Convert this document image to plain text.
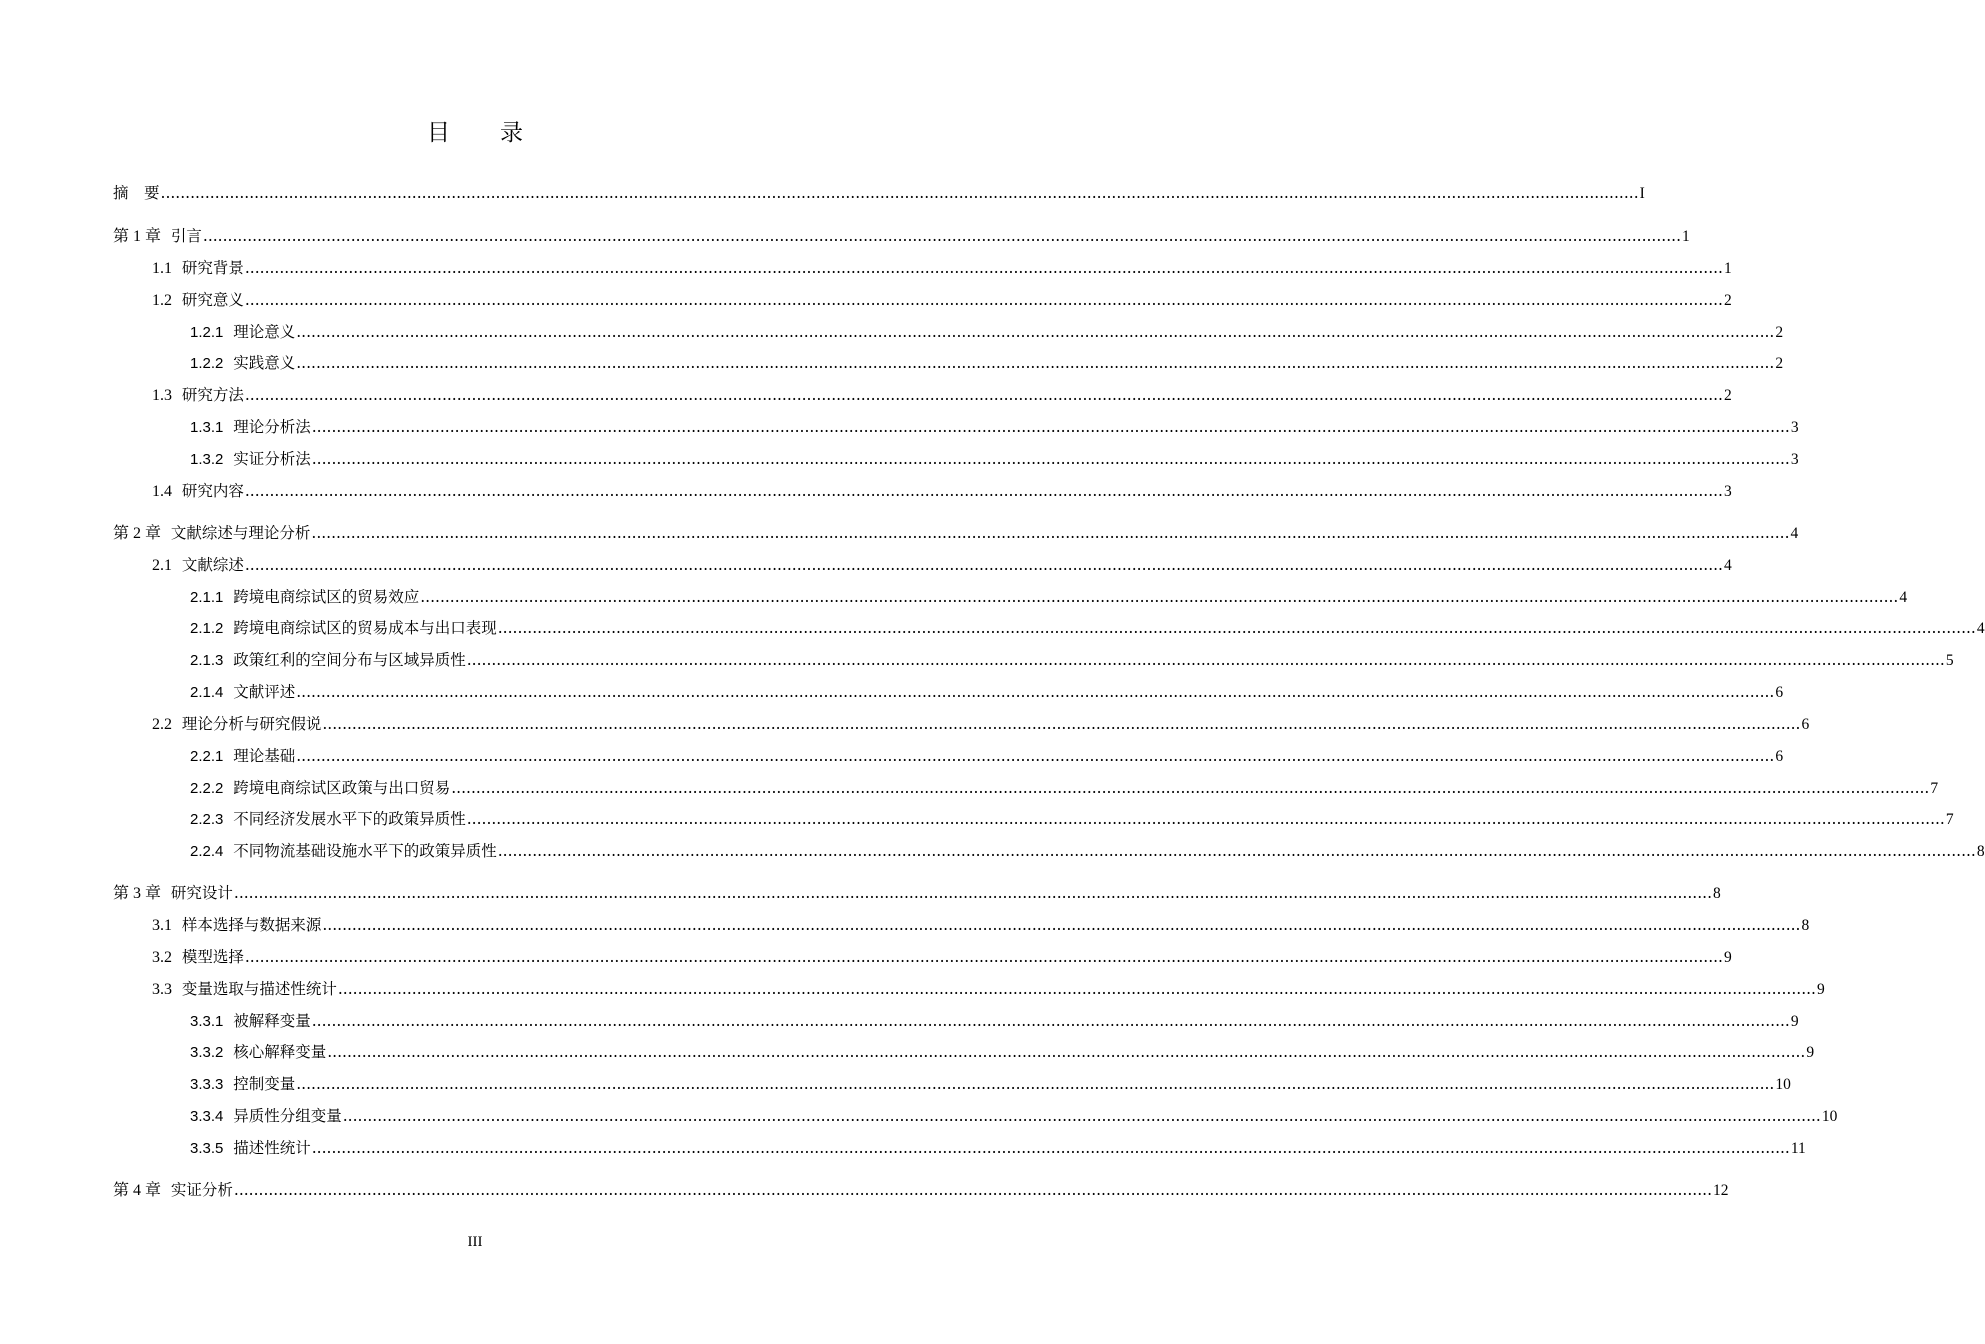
目 录
摘　要 ............................................................................................................................................................................................................................................................................................................ I
第 1 章 引言 ............................................................................................................................................................................................................................................................................................................ 1
1.1 研究背景 ............................................................................................................................................................................................................................................................................................................ 1
1.2 研究意义 ............................................................................................................................................................................................................................................................................................................ 2
1.2.1 理论意义 ............................................................................................................................................................................................................................................................................................................ 2
1.2.2 实践意义 ............................................................................................................................................................................................................................................................................................................ 2
1.3 研究方法 ............................................................................................................................................................................................................................................................................................................ 2
1.3.1 理论分析法 ............................................................................................................................................................................................................................................................................................................ 3
1.3.2 实证分析法 ............................................................................................................................................................................................................................................................................................................ 3
1.4 研究内容 ............................................................................................................................................................................................................................................................................................................ 3
第 2 章 文献综述与理论分析 ............................................................................................................................................................................................................................................................................................................ 4
2.1 文献综述 ............................................................................................................................................................................................................................................................................................................ 4
2.1.1 跨境电商综试区的贸易效应 ............................................................................................................................................................................................................................................................................................................ 4
2.1.2 跨境电商综试区的贸易成本与出口表现 ............................................................................................................................................................................................................................................................................................................ 4
2.1.3 政策红利的空间分布与区域异质性 ............................................................................................................................................................................................................................................................................................................ 5
2.1.4 文献评述 ............................................................................................................................................................................................................................................................................................................ 6
2.2 理论分析与研究假说 ............................................................................................................................................................................................................................................................................................................ 6
2.2.1 理论基础 ............................................................................................................................................................................................................................................................................................................ 6
2.2.2 跨境电商综试区政策与出口贸易 ............................................................................................................................................................................................................................................................................................................ 7
2.2.3 不同经济发展水平下的政策异质性 ............................................................................................................................................................................................................................................................................................................ 7
2.2.4 不同物流基础设施水平下的政策异质性 ............................................................................................................................................................................................................................................................................................................ 8
第 3 章 研究设计 ............................................................................................................................................................................................................................................................................................................ 8
3.1 样本选择与数据来源 ............................................................................................................................................................................................................................................................................................................ 8
3.2 模型选择 ............................................................................................................................................................................................................................................................................................................ 9
3.3 变量选取与描述性统计 ............................................................................................................................................................................................................................................................................................................ 9
3.3.1 被解释变量 ............................................................................................................................................................................................................................................................................................................ 9
3.3.2 核心解释变量 ............................................................................................................................................................................................................................................................................................................ 9
3.3.3 控制变量 ............................................................................................................................................................................................................................................................................................................ 10
3.3.4 异质性分组变量 ............................................................................................................................................................................................................................................................................................................ 10
3.3.5 描述性统计 ............................................................................................................................................................................................................................................................................................................ 11
第 4 章 实证分析 ............................................................................................................................................................................................................................................................................................................ 12
III
